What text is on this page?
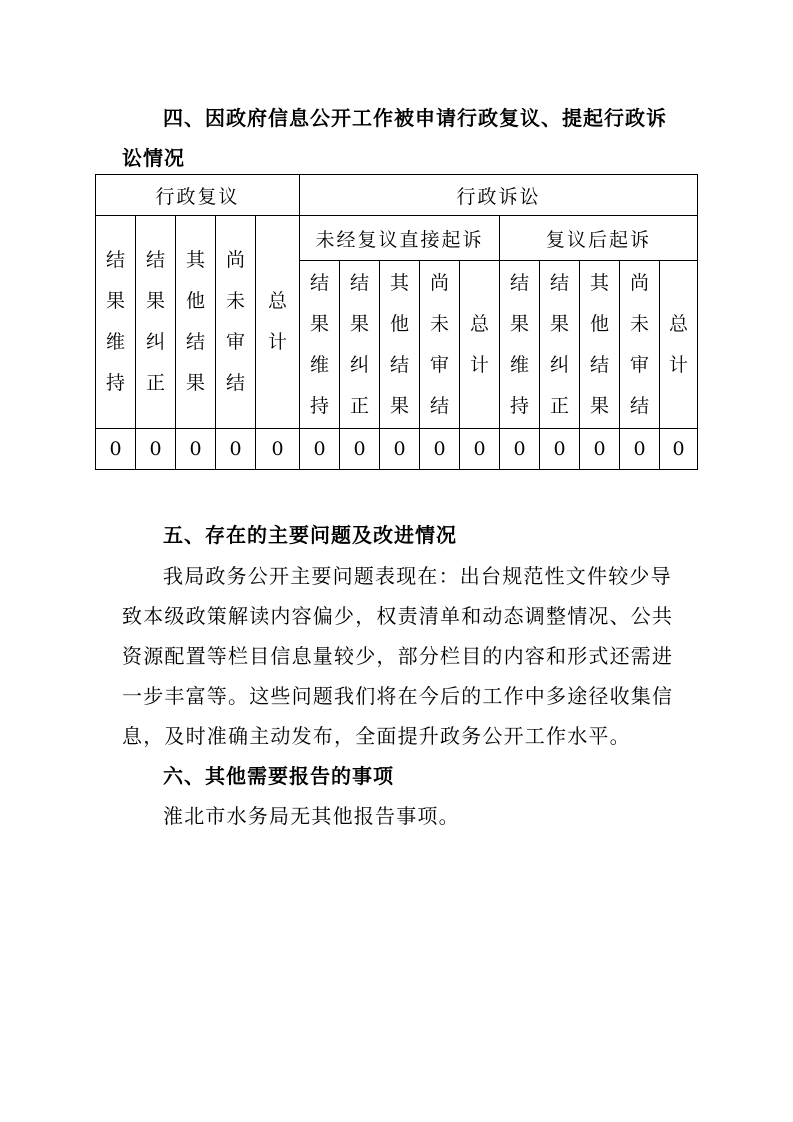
四、因政府信息公开工作被申请行政复议、提起行政诉
讼情况
行政复议					行政诉讼									
结果维持	结果纠正	其他结果	尚未审结	总计	未经复议直接起诉					复议后起诉				
					结果维持	结果纠正	其他结果	尚未审结	总计	结果维持	结果纠正	其他结果	尚未审结	总计
0	0	0	0	0	0	0	0	0	0	0	0	0	0	0
五、存在的主要问题及改进情况
我局政务公开主要问题表现在：出台规范性文件较少导
致本级政策解读内容偏少，权责清单和动态调整情况、公共
资源配置等栏目信息量较少，部分栏目的内容和形式还需进
一步丰富等。这些问题我们将在今后的工作中多途径收集信
息，及时准确主动发布，全面提升政务公开工作水平。
六、其他需要报告的事项
淮北市水务局无其他报告事项。
